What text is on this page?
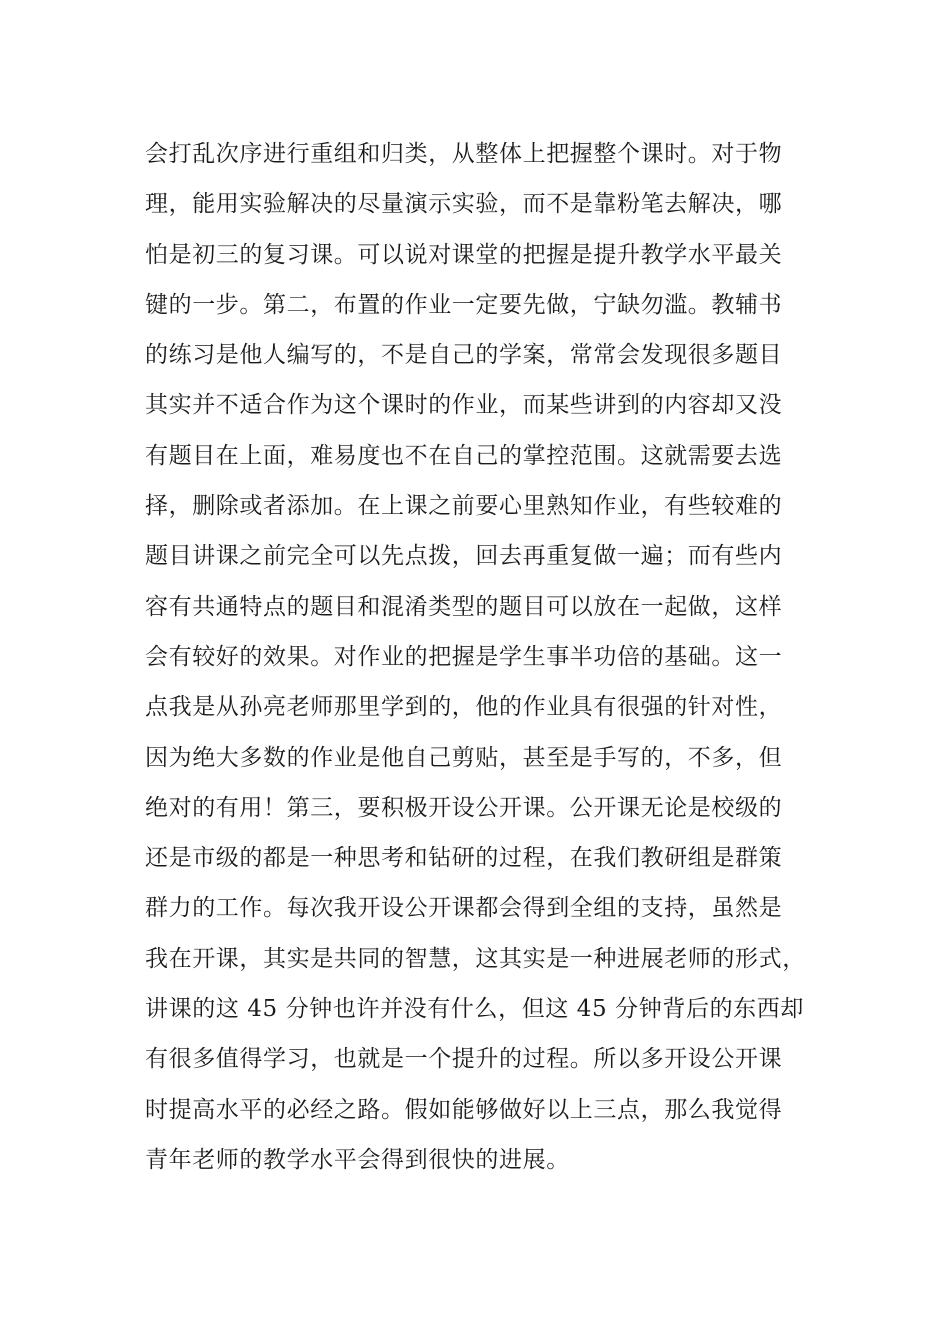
会打乱次序进行重组和归类，从整体上把握整个课时。对于物
理，能用实验解决的尽量演示实验，而不是靠粉笔去解决，哪
怕是初三的复习课。可以说对课堂的把握是提升教学水平最关
键的一步。第二，布置的作业一定要先做，宁缺勿滥。教辅书
的练习是他人编写的，不是自己的学案，常常会发现很多题目
其实并不适合作为这个课时的作业，而某些讲到的内容却又没
有题目在上面，难易度也不在自己的掌控范围。这就需要去选
择，删除或者添加。在上课之前要心里熟知作业，有些较难的
题目讲课之前完全可以先点拨，回去再重复做一遍；而有些内
容有共通特点的题目和混淆类型的题目可以放在一起做，这样
会有较好的效果。对作业的把握是学生事半功倍的基础。这一
点我是从孙亮老师那里学到的，他的作业具有很强的针对性，
因为绝大多数的作业是他自己剪贴，甚至是手写的，不多，但
绝对的有用！第三，要积极开设公开课。公开课无论是校级的
还是市级的都是一种思考和钻研的过程，在我们教研组是群策
群力的工作。每次我开设公开课都会得到全组的支持，虽然是
我在开课，其实是共同的智慧，这其实是一种进展老师的形式，
讲课的这 45 分钟也许并没有什么，但这 45 分钟背后的东西却
有很多值得学习，也就是一个提升的过程。所以多开设公开课
时提高水平的必经之路。假如能够做好以上三点，那么我觉得
青年老师的教学水平会得到很快的进展。
